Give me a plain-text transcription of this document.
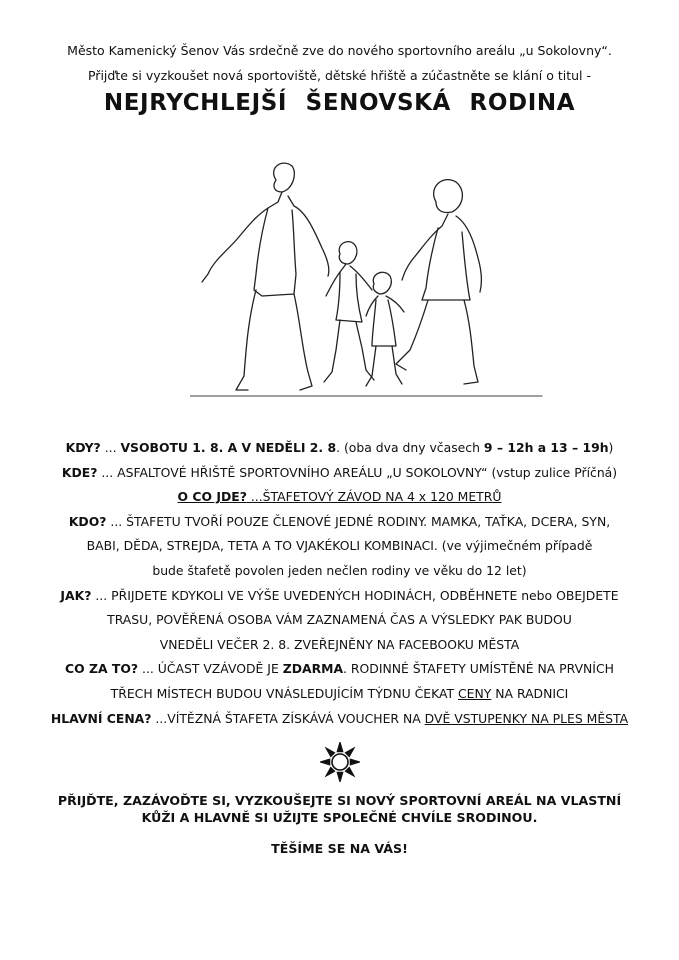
Město Kamenický Šenov Vás srdečně zve do nového sportovního areálu „u Sokolovny“.
Přijďte si vyzkoušet nová sportoviště, dětské hřiště a zúčastněte se klání o titul -
NEJRYCHLEJŠÍ ŠENOVSKÁ RODINA

KDY? ... VSOBOTU 1. 8. A V NEDĚLI 2. 8. (oba dva dny včasech 9 – 12h a 13 – 19h)

KDE? ... ASFALTOVÉ HŘIŠTĚ SPORTOVNÍHO AREÁLU „U SOKOLOVNY“ (vstup zulice Příčná)

O CO JDE? ...ŠTAFETOVÝ ZÁVOD NA 4 x 120 METRŮ

KDO? ... ŠTAFETU TVOŘÍ POUZE ČLENOVÉ JEDNÉ RODINY. MAMKA, TAŤKA, DCERA, SYN,

BABI, DĚDA, STREJDA, TETA A TO VJAKÉKOLI KOMBINACI. (ve výjimečném případě

bude štafetě povolen jeden nečlen rodiny ve věku do 12 let)

JAK? ... PŘIJDETE KDYKOLI VE VÝŠE UVEDENÝCH HODINÁCH, ODBĚHNETE nebo OBEJDETE

TRASU, POVĚŘENÁ OSOBA VÁM ZAZNAMENÁ ČAS A VÝSLEDKY PAK BUDOU

VNEDĚLI VEČER 2. 8. ZVEŘEJNĚNY NA FACEBOOKU MĚSTA

CO ZA TO? ... ÚČAST VZÁVODĚ JE ZDARMA. RODINNÉ ŠTAFETY UMÍSTĚNÉ NA PRVNÍCH

TŘECH MÍSTECH BUDOU VNÁSLEDUJÍCÍM TÝDNU ČEKAT CENY NA RADNICI

HLAVNÍ CENA? ...VÍTĚZNÁ ŠTAFETA ZÍSKÁVÁ VOUCHER NA DVĚ VSTUPENKY NA PLES MĚSTA

PŘIJĎTE, ZAZÁVOĎTE SI, VYZKOUŠEJTE SI NOVÝ SPORTOVNÍ AREÁL NA VLASTNÍ

KŮŽI A HLAVNĚ SI UŽIJTE SPOLEČNÉ CHVÍLE SRODINOU.

TĚŠÍME SE NA VÁS!
